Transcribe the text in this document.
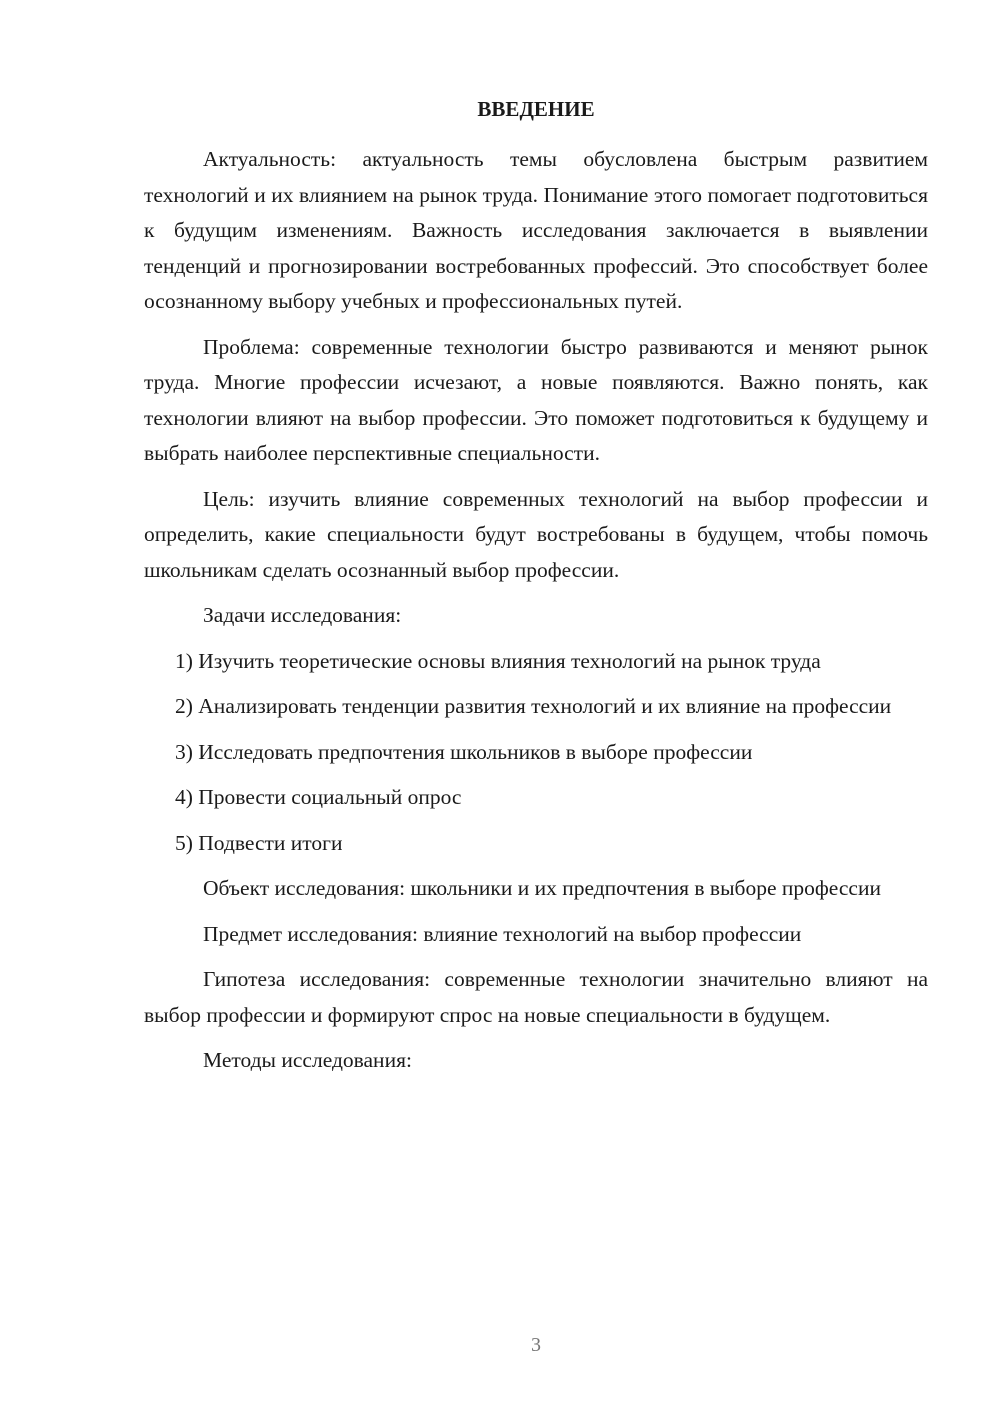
ВВЕДЕНИЕ

Актуальность: актуальность темы обусловлена быстрым развитием технологий и их влиянием на рынок труда. Понимание этого помогает подготовиться к будущим изменениям. Важность исследования заключается в выявлении тенденций и прогнозировании востребованных профессий. Это способствует более осознанному выбору учебных и профессиональных путей.

Проблема: современные технологии быстро развиваются и меняют рынок труда. Многие профессии исчезают, а новые появляются. Важно понять, как технологии влияют на выбор профессии. Это поможет подготовиться к будущему и выбрать наиболее перспективные специальности.

Цель: изучить влияние современных технологий на выбор профессии и определить, какие специальности будут востребованы в будущем, чтобы помочь школьникам сделать осознанный выбор профессии.

Задачи исследования:

1) Изучить теоретические основы влияния технологий на рынок труда

2) Анализировать тенденции развития технологий и их влияние на профессии

3) Исследовать предпочтения школьников в выборе профессии

4) Провести социальный опрос

5) Подвести итоги

Объект исследования: школьники и их предпочтения в выборе профессии

Предмет исследования: влияние технологий на выбор профессии

Гипотеза исследования: современные технологии значительно влияют на выбор профессии и формируют спрос на новые специальности в будущем.

Методы исследования:

3
